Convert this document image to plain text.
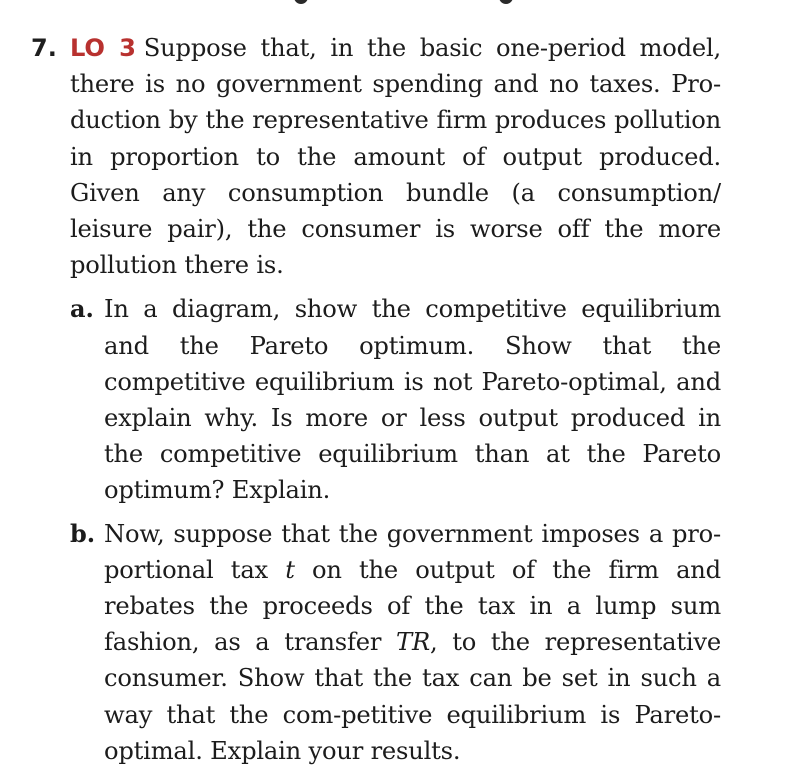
7. LO 3 Suppose that, in the basic one-period model, there is no government spending and no taxes. Pro-duction by the representative firm produces pollution in proportion to the amount of output produced. Given any consumption bundle (a consumption/ leisure pair), the consumer is worse off the more pollution there is.

a. In a diagram, show the competitive equilibrium and the Pareto optimum. Show that the competitive equilibrium is not Pareto-optimal, and explain why. Is more or less output produced in the competitive equilibrium than at the Pareto optimum? Explain.

b. Now, suppose that the government imposes a pro-portional tax t on the output of the firm and rebates the proceeds of the tax in a lump sum fashion, as a transfer TR, to the representative consumer. Show that the tax can be set in such a way that the com-petitive equilibrium is Pareto-optimal. Explain your results.
